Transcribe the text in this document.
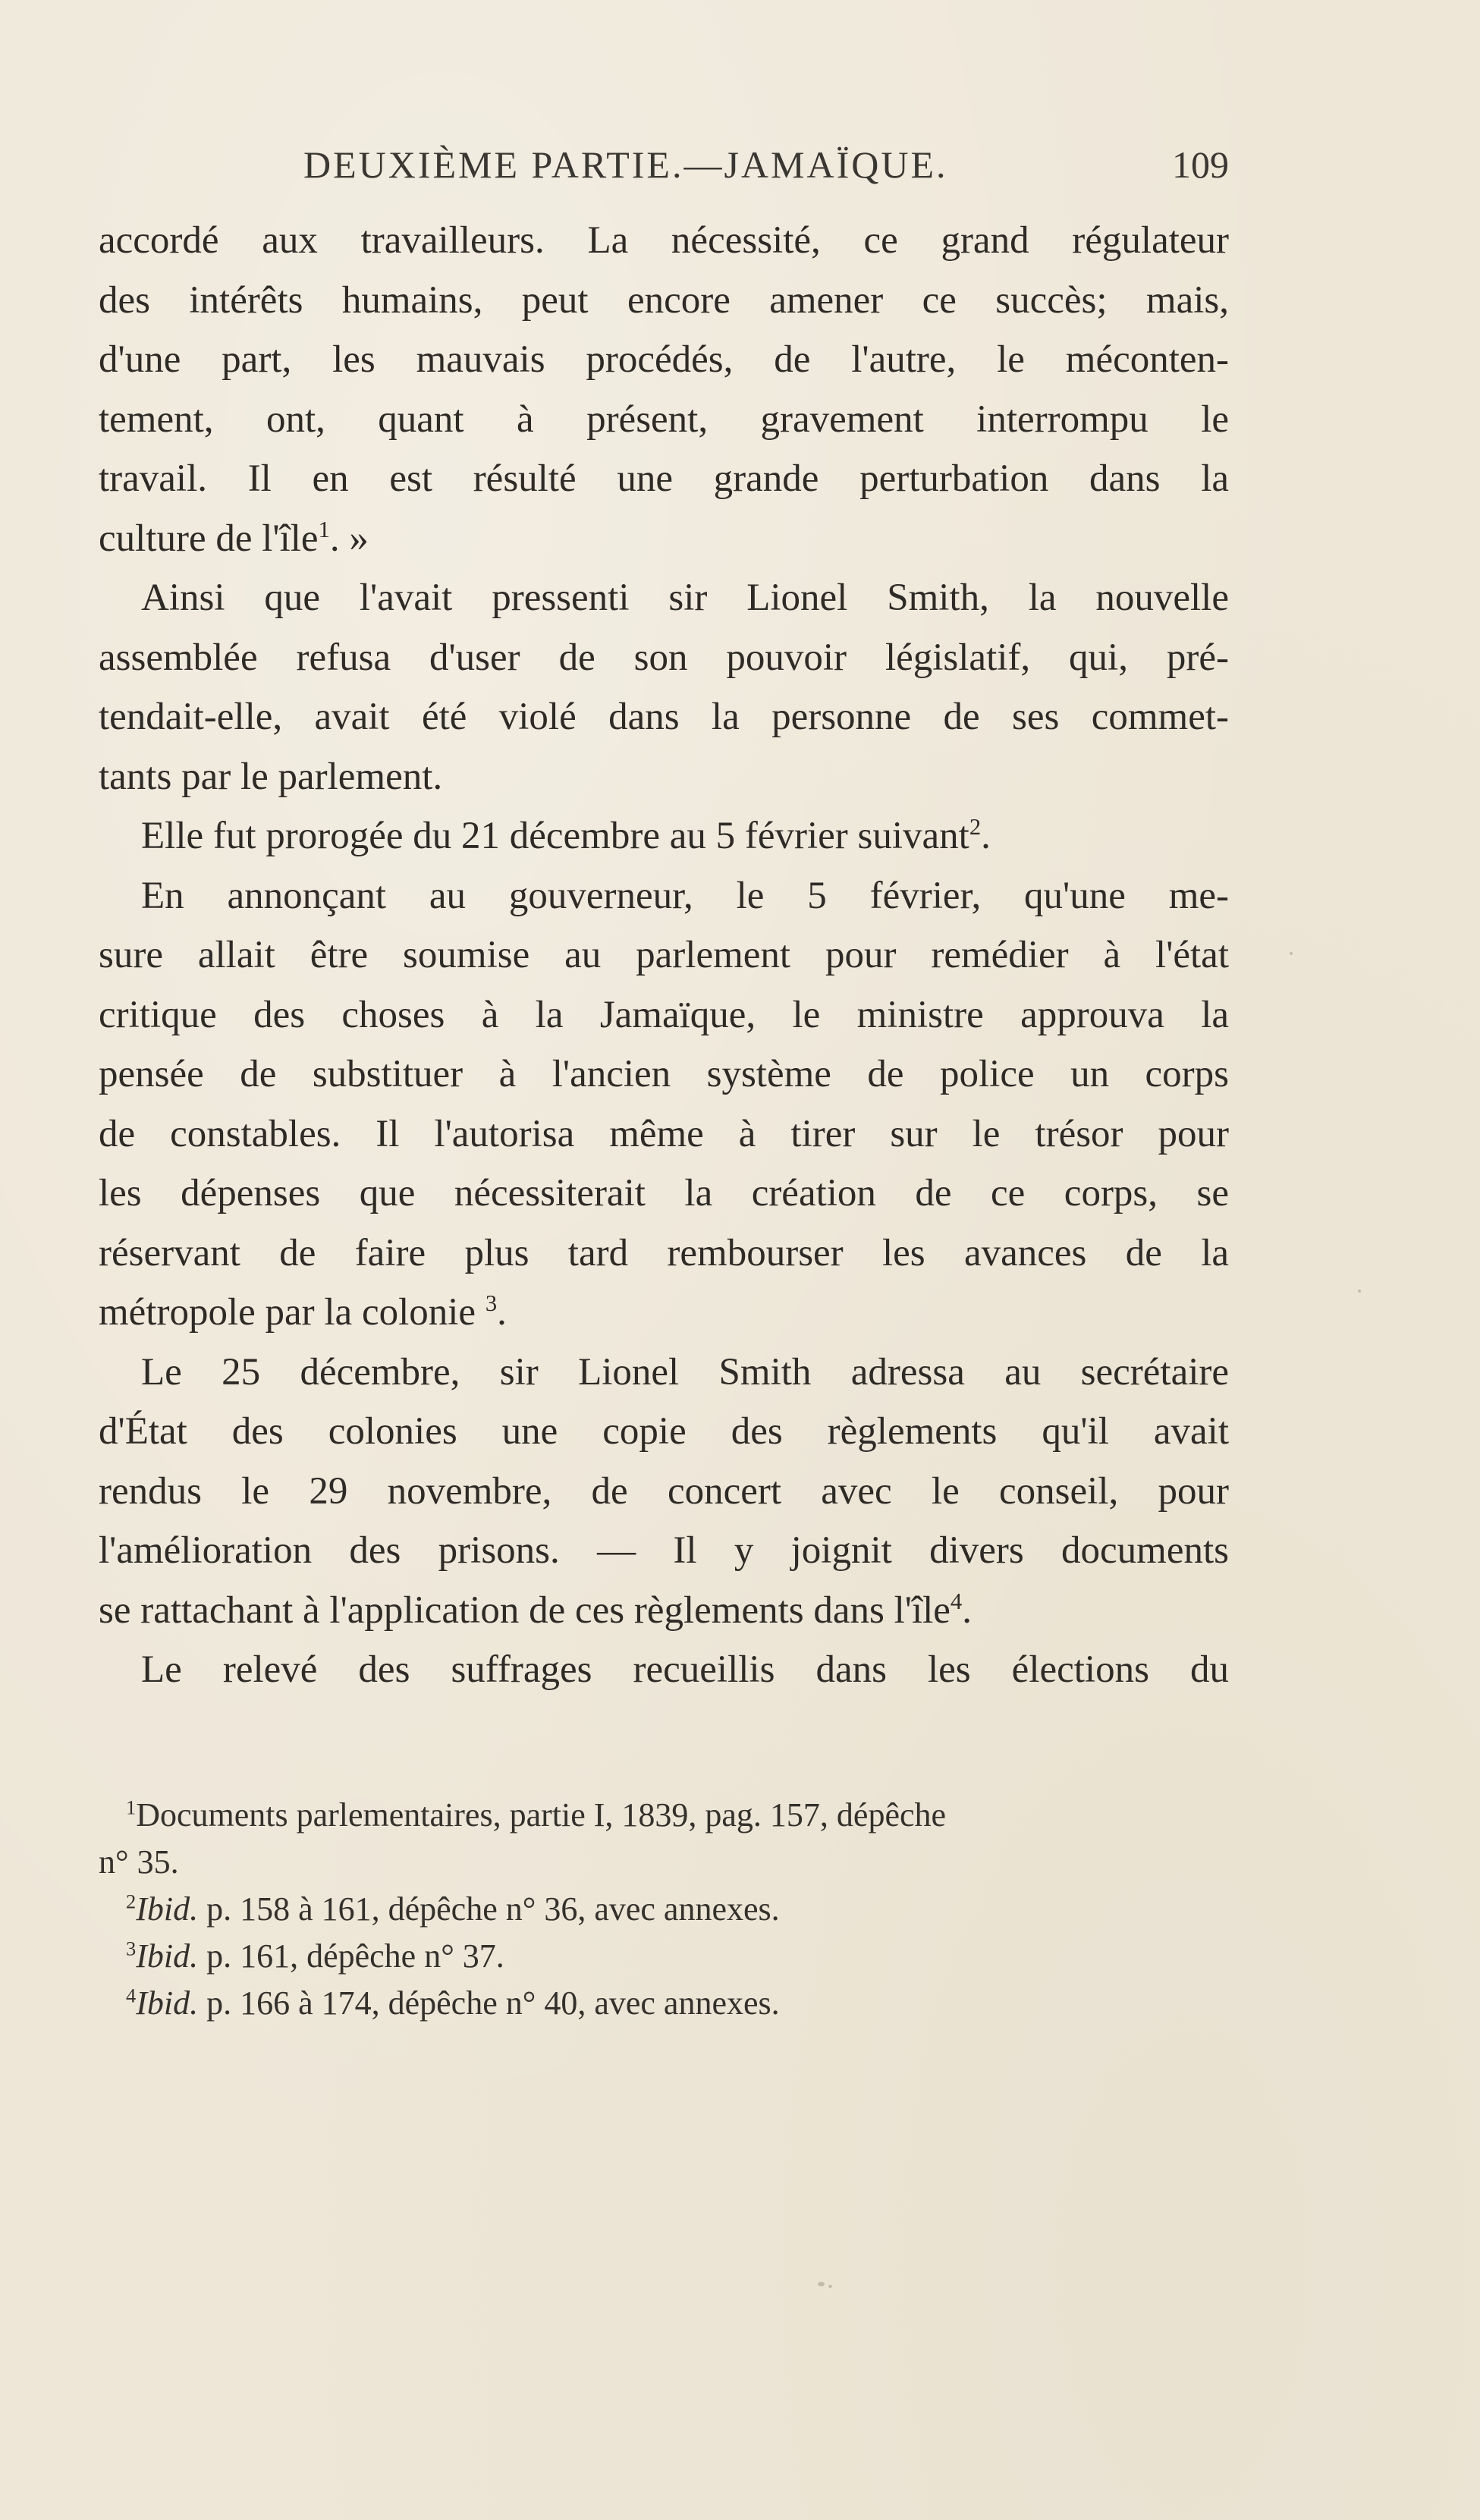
DEUXIÈME PARTIE.—JAMAÏQUE.	109

accordé aux travailleurs. La nécessité, ce grand régulateur

des intérêts humains, peut encore amener ce succès; mais,

d'une part, les mauvais procédés, de l'autre, le méconten-

tement, ont, quant à présent, gravement interrompu le

travail. Il en est résulté une grande perturbation dans la

culture de l'île$^1$. »

Ainsi que l'avait pressenti sir Lionel Smith, la nouvelle

assemblée refusa d'user de son pouvoir législatif, qui, pré-

tendait-elle, avait été violé dans la personne de ses commet-

tants par le parlement.

Elle fut prorogée du 21 décembre au 5 février suivant$^2$.

En annonçant au gouverneur, le 5 février, qu'une me-

sure allait être soumise au parlement pour remédier à l'état

critique des choses à la Jamaïque, le ministre approuva la

pensée de substituer à l'ancien système de police un corps

de constables. Il l'autorisa même à tirer sur le trésor pour

les dépenses que nécessiterait la création de ce corps, se

réservant de faire plus tard rembourser les avances de la

métropole par la colonie $^3$.

Le 25 décembre, sir Lionel Smith adressa au secrétaire

d'État des colonies une copie des règlements qu'il avait

rendus le 29 novembre, de concert avec le conseil, pour

l'amélioration des prisons. — Il y joignit divers documents

se rattachant à l'application de ces règlements dans l'île$^4$.

Le relevé des suffrages recueillis dans les élections du

$^1$Documents parlementaires, partie I, 1839, pag. 157, dépêche

n° 35.

$^2$Ibid. p. 158 à 161, dépêche n° 36, avec annexes.

$^3$Ibid. p. 161, dépêche n° 37.

$^4$Ibid. p. 166 à 174, dépêche n° 40, avec annexes.
